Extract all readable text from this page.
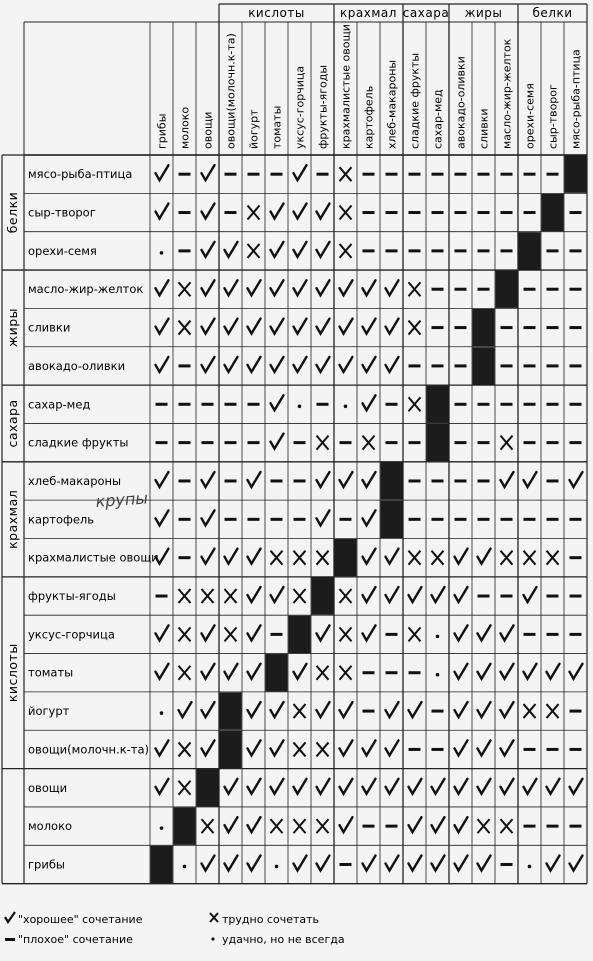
кислоты	крахмал сахара жиры	белки
грибы молоко овощи овощи(молочн.к-та) йогурт томаты уксус-горчица фрукты-ягоды крахмалистые овощи картофель хлеб-макароны сладкие фрукты сахар-мед авокадо-оливки сливки масло-жир-желток орехи-семя сыр-творог мясо-рыба-птица
белки
жиры
сахара
крахмал
кислоты
мясо-рыба-птица
сыр-творог
орехи-семя
масло-жир-желток
сливки
авокадо-оливки
сахар-мед
сладкие фрукты
хлеб-макароны
картофель
крахмалистые овощи
фрукты-ягоды
уксус-горчица
томаты
йогурт
овощи(молочн.к-та)
овощи
молоко
грибы
крупы
"хорошее" сочетание
"плохое" сочетание
трудно сочетать
удачно, но не всегда
